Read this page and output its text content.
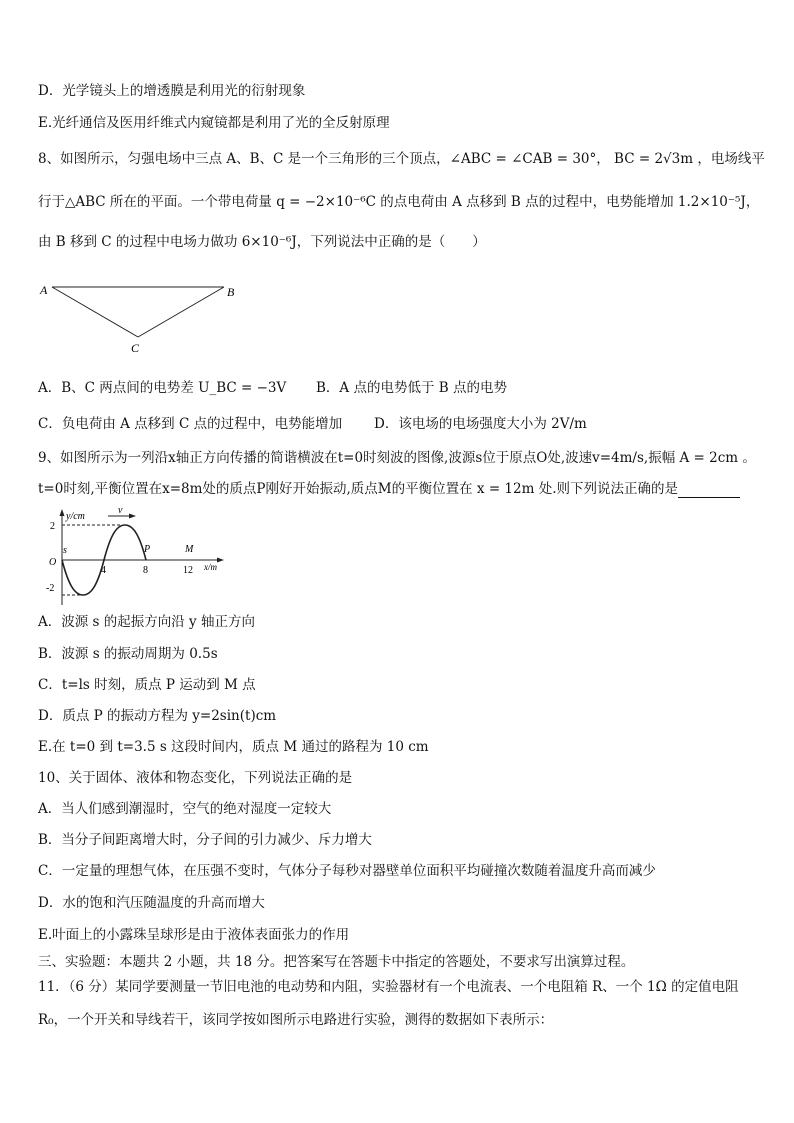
D．光学镜头上的增透膜是利用光的衍射现象
E.光纤通信及医用纤维式内窥镜都是利用了光的全反射原理
8、如图所示，匀强电场中三点 A、B、C 是一个三角形的三个顶点，∠ABC = ∠CAB = 30°， BC = 2√3m ，电场线平
行于△ABC 所在的平面。一个带电荷量 q = −2×10⁻⁶C 的点电荷由 A 点移到 B 点的过程中，电势能增加 1.2×10⁻⁵J，
由 B 移到 C 的过程中电场力做功 6×10⁻⁶J，下列说法中正确的是（　　）
A	B
C
A．B、C 两点间的电势差 U_BC = −3V B．A 点的电势低于 B 点的电势
C．负电荷由 A 点移到 C 点的过程中，电势能增加 D．该电场的电场强度大小为 2V/m
9、如图所示为一列沿x轴正方向传播的简谐横波在t=0时刻波的图像,波源s位于原点O处,波速v=4m/s,振幅 A = 2cm 。
t=0时刻,平衡位置在x=8m处的质点P刚好开始振动,质点M的平衡位置在 x = 12m 处.则下列说法正确的是
y/cm
2
-2
s
O
v
P	M
4	8	12 x/m
A．波源 s 的起振方向沿 y 轴正方向
B．波源 s 的振动周期为 0.5s
C．t=ls 时刻，质点 P 运动到 M 点
D．质点 P 的振动方程为 y=2sin(t)cm
E.在 t=0 到 t=3.5 s 这段时间内，质点 M 通过的路程为 10 cm
10、关于固体、液体和物态变化，下列说法正确的是
A．当人们感到潮湿时，空气的绝对湿度一定较大
B．当分子间距离增大时，分子间的引力减少、斥力增大
C．一定量的理想气体，在压强不变时，气体分子每秒对器壁单位面积平均碰撞次数随着温度升高而减少
D．水的饱和汽压随温度的升高而增大
E.叶面上的小露珠呈球形是由于液体表面张力的作用
三、实验题：本题共 2 小题，共 18 分。把答案写在答题卡中指定的答题处，不要求写出演算过程。
11．（6 分）某同学要测量一节旧电池的电动势和内阻，实验器材有一个电流表、一个电阻箱 R、一个 1Ω 的定值电阻
R₀，一个开关和导线若干，该同学按如图所示电路进行实验，测得的数据如下表所示：
